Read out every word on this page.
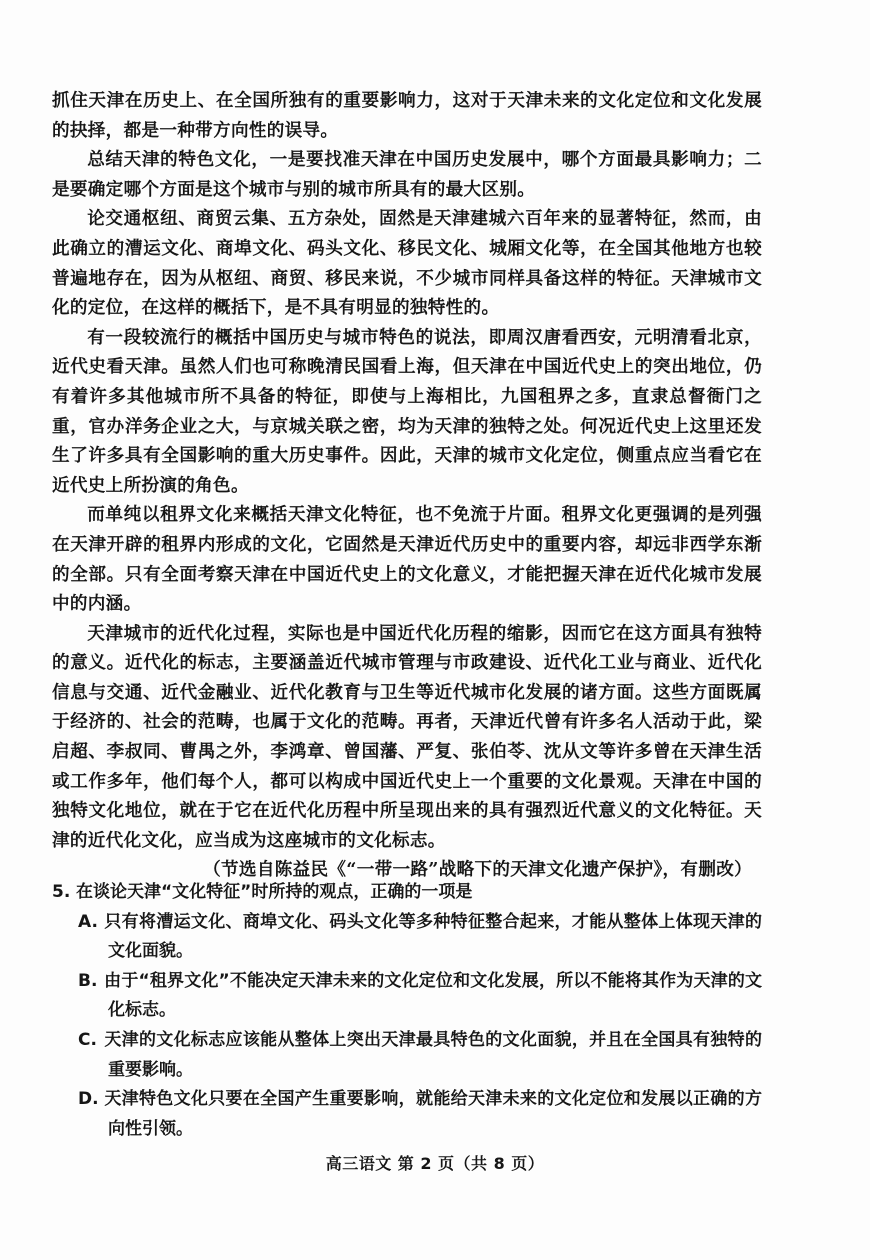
抓住天津在历史上、在全国所独有的重要影响力，这对于天津未来的文化定位和文化发展的抉择，都是一种带方向性的误导。

总结天津的特色文化，一是要找准天津在中国历史发展中，哪个方面最具影响力；二是要确定哪个方面是这个城市与别的城市所具有的最大区别。

论交通枢纽、商贸云集、五方杂处，固然是天津建城六百年来的显著特征，然而，由此确立的漕运文化、商埠文化、码头文化、移民文化、城厢文化等，在全国其他地方也较普遍地存在，因为从枢纽、商贸、移民来说，不少城市同样具备这样的特征。天津城市文化的定位，在这样的概括下，是不具有明显的独特性的。

有一段较流行的概括中国历史与城市特色的说法，即周汉唐看西安，元明清看北京，近代史看天津。虽然人们也可称晚清民国看上海，但天津在中国近代史上的突出地位，仍有着许多其他城市所不具备的特征，即使与上海相比，九国租界之多，直隶总督衙门之重，官办洋务企业之大，与京城关联之密，均为天津的独特之处。何况近代史上这里还发生了许多具有全国影响的重大历史事件。因此，天津的城市文化定位，侧重点应当看它在近代史上所扮演的角色。

而单纯以租界文化来概括天津文化特征，也不免流于片面。租界文化更强调的是列强在天津开辟的租界内形成的文化，它固然是天津近代历史中的重要内容，却远非西学东渐的全部。只有全面考察天津在中国近代史上的文化意义，才能把握天津在近代化城市发展中的内涵。

天津城市的近代化过程，实际也是中国近代化历程的缩影，因而它在这方面具有独特的意义。近代化的标志，主要涵盖近代城市管理与市政建设、近代化工业与商业、近代化信息与交通、近代金融业、近代化教育与卫生等近代城市化发展的诸方面。这些方面既属于经济的、社会的范畴，也属于文化的范畴。再者，天津近代曾有许多名人活动于此，梁启超、李叔同、曹禺之外，李鸿章、曾国藩、严复、张伯苓、沈从文等许多曾在天津生活或工作多年，他们每个人，都可以构成中国近代史上一个重要的文化景观。天津在中国的独特文化地位，就在于它在近代化历程中所呈现出来的具有强烈近代意义的文化特征。天津的近代化文化，应当成为这座城市的文化标志。

（节选自陈益民《“一带一路”战略下的天津文化遗产保护》，有删改）

5. 在谈论天津“文化特征”时所持的观点，正确的一项是

A. 只有将漕运文化、商埠文化、码头文化等多种特征整合起来，才能从整体上体现天津的文化面貌。

B. 由于“租界文化”不能决定天津未来的文化定位和文化发展，所以不能将其作为天津的文化标志。

C. 天津的文化标志应该能从整体上突出天津最具特色的文化面貌，并且在全国具有独特的重要影响。

D. 天津特色文化只要在全国产生重要影响，就能给天津未来的文化定位和发展以正确的方向性引领。

高三语文 第 2 页（共 8 页）
